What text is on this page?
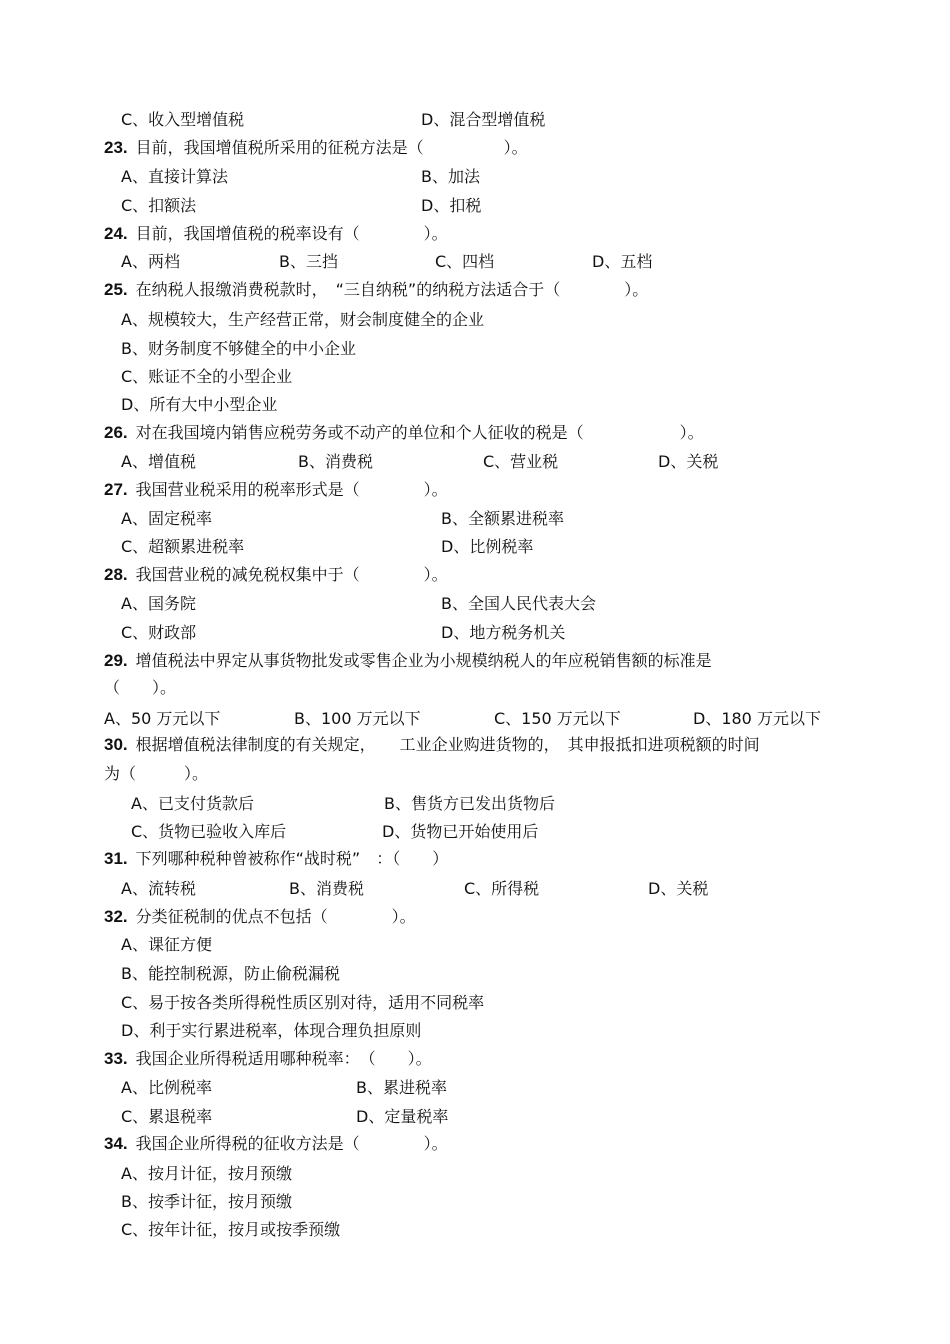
C、收入型增值税	D、混合型增值税
23. 目前，我国增值税所采用的征税方法是（　　　　　）。
A、直接计算法	B、加法
C、扣额法	D、扣税
24. 目前，我国增值税的税率设有（　　　　）。
A、两档	B、三挡	C、四档	D、五档
25. 在纳税人报缴消费税款时，　“三自纳税”的纳税方法适合于（　　　　）。
A、规模较大，生产经营正常，财会制度健全的企业
B、财务制度不够健全的中小企业
C、账证不全的小型企业
D、所有大中小型企业
26. 对在我国境内销售应税劳务或不动产的单位和个人征收的税是（　　　　　　）。
A、增值税	B、消费税	C、营业税	D、关税
27. 我国营业税采用的税率形式是（　　　　）。
A、固定税率	B、全额累进税率
C、超额累进税率	D、比例税率
28. 我国营业税的减免税权集中于（　　　　）。
A、国务院	B、全国人民代表大会
C、财政部	D、地方税务机关
29. 增值税法中界定从事货物批发或零售企业为小规模纳税人的年应税销售额的标准是
（　　）。
A、50 万元以下	B、100 万元以下	C、150 万元以下	D、180 万元以下
30. 根据增值税法律制度的有关规定，　　工业企业购进货物的，　其申报抵扣进项税额的时间
为（　　　）。
A、已支付货款后	B、售货方已发出货物后
C、货物已验收入库后	D、货物已开始使用后
31. 下列哪种税种曾被称作“战时税”　：（　　）
A、流转税	B、消费税	C、所得税	D、关税
32. 分类征税制的优点不包括（　　　　）。
A、课征方便
B、能控制税源，防止偷税漏税
C、易于按各类所得税性质区别对待，适用不同税率
D、利于实行累进税率，体现合理负担原则
33. 我国企业所得税适用哪种税率：　（　　）。
A、比例税率	B、累进税率
C、累退税率	D、定量税率
34. 我国企业所得税的征收方法是（　　　　）。
A、按月计征，按月预缴
B、按季计征，按月预缴
C、按年计征，按月或按季预缴
